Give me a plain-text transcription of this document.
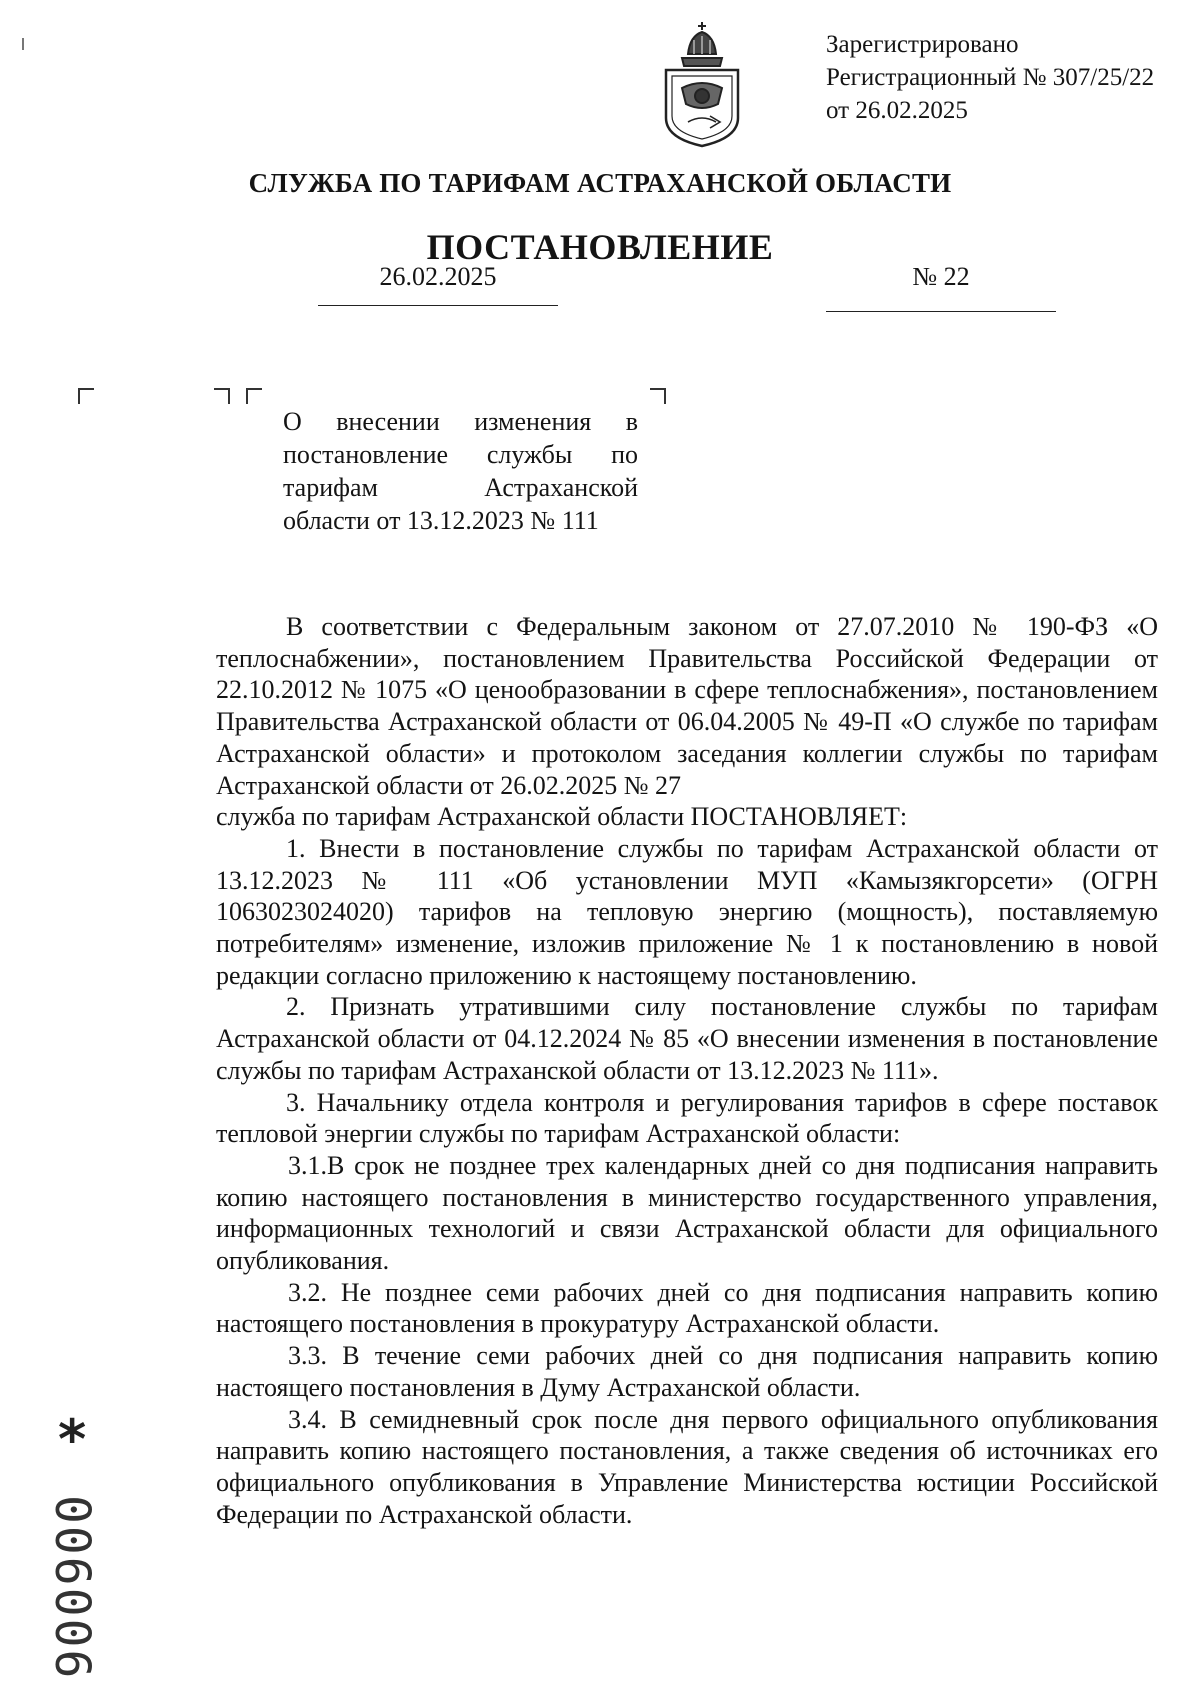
Зарегистрировано
Регистрационный № 307/25/22
от 26.02.2025
СЛУЖБА ПО ТАРИФАМ АСТРАХАНСКОЙ ОБЛАСТИ
ПОСТАНОВЛЕНИЕ
26.02.2025	№ 22
О внесении изменения в
постановление службы по
тарифам Астраханской
области от 13.12.2023 № 111

В соответствии с Федеральным законом от 27.07.2010 № 190-ФЗ «О теплоснабжении», постановлением Правительства Российской Федерации от 22.10.2012 № 1075 «О ценообразовании в сфере теплоснабжения», постановлением Правительства Астраханской области от 06.04.2005 № 49-П «О службе по тарифам Астраханской области» и протоколом заседания коллегии службы по тарифам Астраханской области от 26.02.2025 № 27

служба по тарифам Астраханской области ПОСТАНОВЛЯЕТ:

1. Внести в постановление службы по тарифам Астраханской области от 13.12.2023 № 111 «Об установлении МУП «Камызякгорсети» (ОГРН 1063023024020) тарифов на тепловую энергию (мощность), поставляемую потребителям» изменение, изложив приложение № 1 к постановлению в новой редакции согласно приложению к настоящему постановлению.

2. Признать утратившими силу постановление службы по тарифам Астраханской области от 04.12.2024 № 85 «О внесении изменения в постановление службы по тарифам Астраханской области от 13.12.2023 № 111».

3. Начальнику отдела контроля и регулирования тарифов в сфере поставок тепловой энергии службы по тарифам Астраханской области:

3.1.В срок не позднее трех календарных дней со дня подписания направить копию настоящего постановления в министерство государственного управления, информационных технологий и связи Астраханской области для официального опубликования.

3.2. Не позднее семи рабочих дней со дня подписания направить копию настоящего постановления в прокуратуру Астраханской области.

3.3. В течение семи рабочих дней со дня подписания направить копию настоящего постановления в Думу Астраханской области.

3.4. В семидневный срок после дня первого официального опубликования направить копию настоящего постановления, а также сведения об источниках его официального опубликования в Управление Министерства юстиции Российской Федерации по Астраханской области.

*
006006
